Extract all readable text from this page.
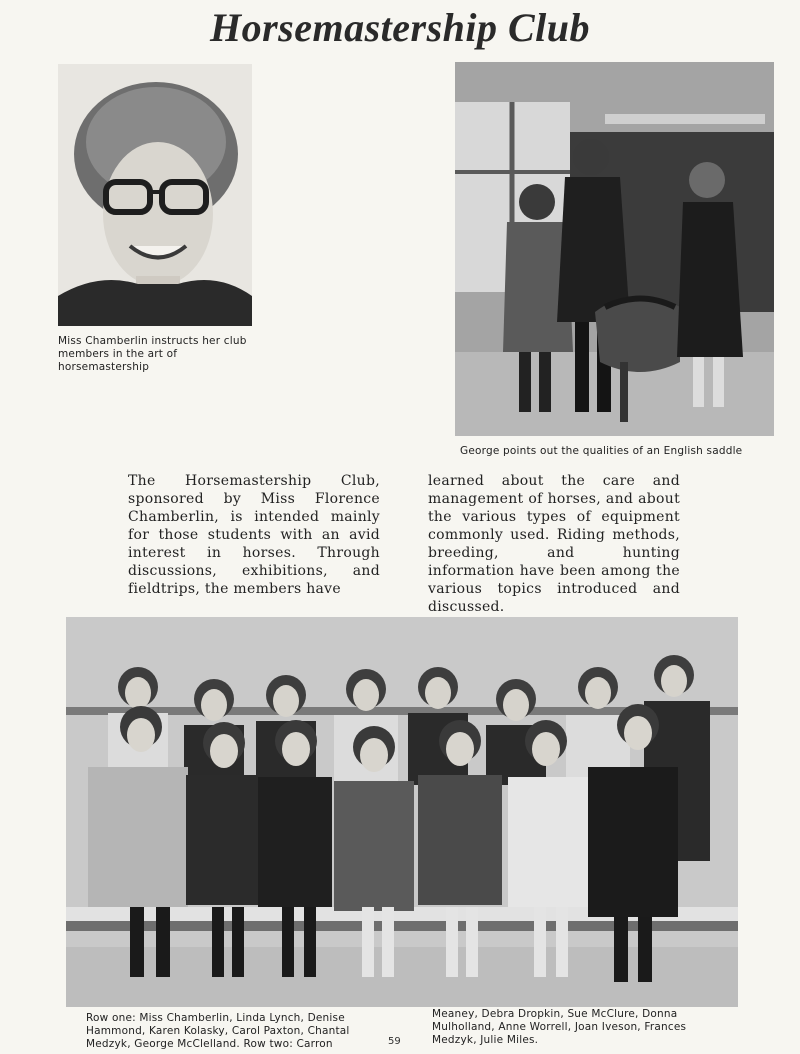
Horsemastership Club
Miss Chamberlin instructs her club members in the art of horsemastership
George points out the qualities of an English saddle
The Horsemastership Club, sponsored by Miss Florence Chamberlin, is intended mainly for those students with an avid interest in horses. Through discussions, exhibitions, and fieldtrips, the members have
learned about the care and management of horses, and about the various types of equipment commonly used. Riding methods, breeding, and hunting information have been among the various topics introduced and discussed.
Row one: Miss Chamberlin, Linda Lynch, Denise Hammond, Karen Kolasky, Carol Paxton, Chantal Medzyk, George McClelland. Row two: Carron
Meaney, Debra Dropkin, Sue McClure, Donna Mulholland, Anne Worrell, Joan Iveson, Frances Medzyk, Julie Miles.
59
